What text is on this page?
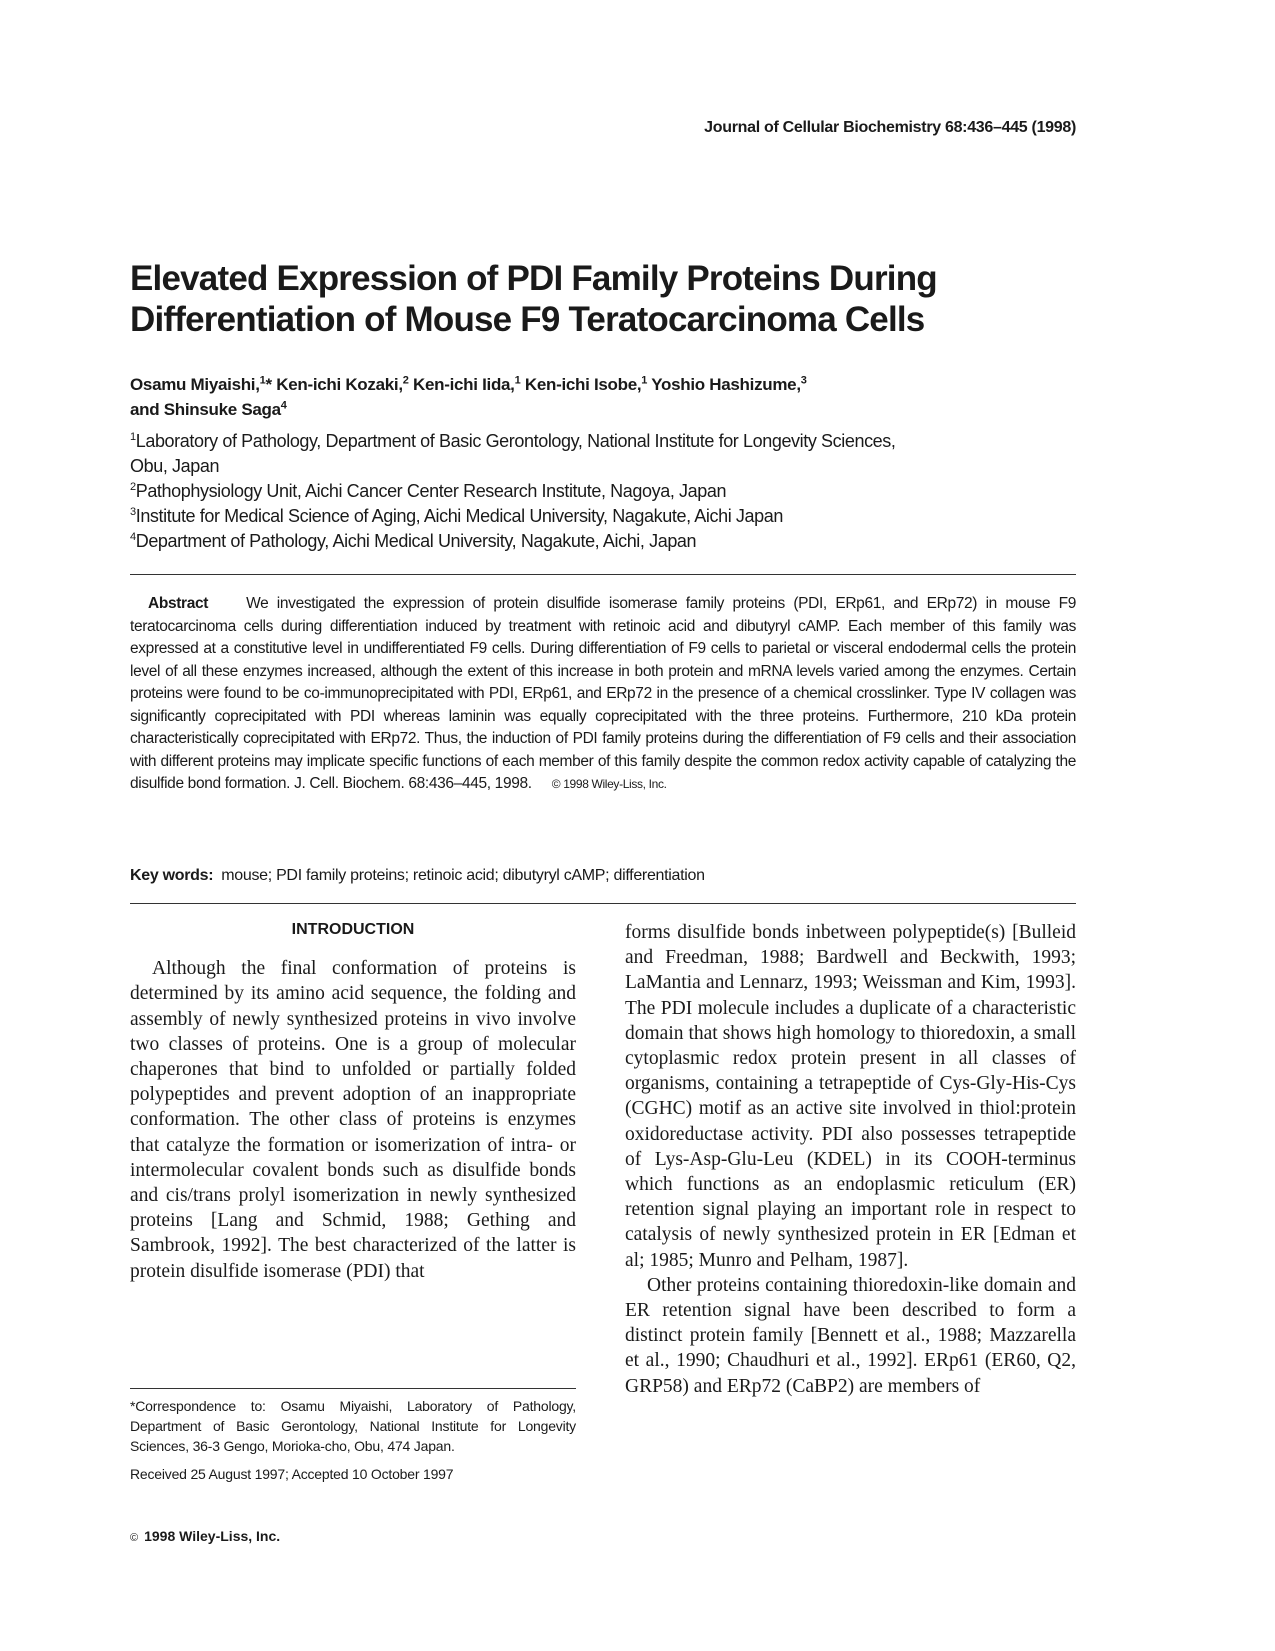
Journal of Cellular Biochemistry 68:436–445 (1998)
Elevated Expression of PDI Family Proteins During
Differentiation of Mouse F9 Teratocarcinoma Cells
Osamu Miyaishi,$^1$* Ken-ichi Kozaki,$^2$ Ken-ichi Iida,$^1$ Ken-ichi Isobe,$^1$ Yoshio Hashizume,$^3$
and Shinsuke Saga$^4$
$^1$Laboratory of Pathology, Department of Basic Gerontology, National Institute for Longevity Sciences,
Obu, Japan
$^2$Pathophysiology Unit, Aichi Cancer Center Research Institute, Nagoya, Japan
$^3$Institute for Medical Science of Aging, Aichi Medical University, Nagakute, Aichi Japan
$^4$Department of Pathology, Aichi Medical University, Nagakute, Aichi, Japan
Abstract We investigated the expression of protein disulfide isomerase family proteins (PDI, ERp61, and ERp72) in mouse F9 teratocarcinoma cells during differentiation induced by treatment with retinoic acid and dibutyryl cAMP. Each member of this family was expressed at a constitutive level in undifferentiated F9 cells. During differentiation of F9 cells to parietal or visceral endodermal cells the protein level of all these enzymes increased, although the extent of this increase in both protein and mRNA levels varied among the enzymes. Certain proteins were found to be co-immunoprecipitated with PDI, ERp61, and ERp72 in the presence of a chemical crosslinker. Type IV collagen was significantly coprecipitated with PDI whereas laminin was equally coprecipitated with the three proteins. Furthermore, 210 kDa protein characteristically coprecipitated with ERp72. Thus, the induction of PDI family proteins during the differentiation of F9 cells and their association with different proteins may implicate specific functions of each member of this family despite the common redox activity capable of catalyzing the disulfide bond formation. J. Cell. Biochem. 68:436–445, 1998. © 1998 Wiley-Liss, Inc.
Key words: mouse; PDI family proteins; retinoic acid; dibutyryl cAMP; differentiation
INTRODUCTION

Although the final conformation of proteins is determined by its amino acid sequence, the folding and assembly of newly synthesized proteins in vivo involve two classes of proteins. One is a group of molecular chaperones that bind to unfolded or partially folded polypeptides and prevent adoption of an inappropriate conformation. The other class of proteins is enzymes that catalyze the formation or isomerization of intra- or intermolecular covalent bonds such as disulfide bonds and cis/trans prolyl isomerization in newly synthesized proteins [Lang and Schmid, 1988; Gething and Sambrook, 1992]. The best characterized of the latter is protein disulfide isomerase (PDI) that

forms disulfide bonds inbetween polypeptide(s) [Bulleid and Freedman, 1988; Bardwell and Beckwith, 1993; LaMantia and Lennarz, 1993; Weissman and Kim, 1993]. The PDI molecule includes a duplicate of a characteristic domain that shows high homology to thioredoxin, a small cytoplasmic redox protein present in all classes of organisms, containing a tetrapeptide of Cys-Gly-His-Cys (CGHC) motif as an active site involved in thiol:protein oxidoreductase activity. PDI also possesses tetrapeptide of Lys-Asp-Glu-Leu (KDEL) in its COOH-terminus which functions as an endoplasmic reticulum (ER) retention signal playing an important role in respect to catalysis of newly synthesized protein in ER [Edman et al; 1985; Munro and Pelham, 1987].

Other proteins containing thioredoxin-like domain and ER retention signal have been described to form a distinct protein family [Bennett et al., 1988; Mazzarella et al., 1990; Chaudhuri et al., 1992]. ERp61 (ER60, Q2, GRP58) and ERp72 (CaBP2) are members of

*Correspondence to: Osamu Miyaishi, Laboratory of Pathology, Department of Basic Gerontology, National Institute for Longevity Sciences, 36-3 Gengo, Morioka-cho, Obu, 474 Japan.
Received 25 August 1997; Accepted 10 October 1997
© 1998 Wiley-Liss, Inc.
